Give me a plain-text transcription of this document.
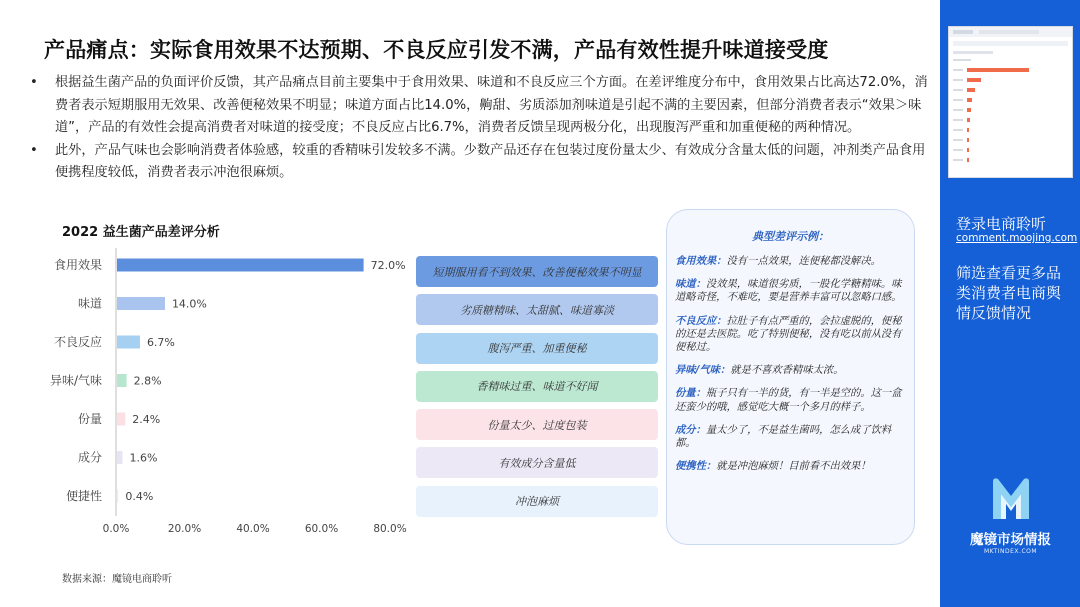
产品痛点：实际食用效果不达预期、不良反应引发不满，产品有效性提升味道接受度
• 根据益生菌产品的负面评价反馈，其产品痛点目前主要集中于食用效果、味道和不良反应三个方面。在差评维度分布中，食用效果占比高达72.0%，消费者表示短期服用无效果、改善便秘效果不明显；味道方面占比14.0%，齁甜、劣质添加剂味道是引起不满的主要因素，但部分消费者表示“效果＞味道”，产品的有效性会提高消费者对味道的接受度；不良反应占比6.7%，消费者反馈呈现两极分化，出现腹泻严重和加重便秘的两种情况。
• 此外，产品气味也会影响消费者体验感，较重的香精味引发较多不满。少数产品还存在包装过度份量太少、有效成分含量太低的问题，冲剂类产品食用便携程度较低，消费者表示冲泡很麻烦。
2022 益生菌产品差评分析
食用效果	72.0%
味道	14.0%
不良反应	6.7%
异味/气味	2.8%
份量	2.4%
成分 1.6%
便捷性 0.4%
0.0%	20.0%	40.0%	60.0%	80.0%
短期服用看不到效果、改善便秘效果不明显
劣质糖精味、太甜腻、味道寡淡
腹泻严重、加重便秘
香精味过重、味道不好闻
份量太少、过度包装
有效成分含量低
冲泡麻烦
典型差评示例：
食用效果：没有一点效果，连便秘都没解决。
味道：没效果，味道很劣质，一股化学糖精味。味道略奇怪，不难吃，要是营养丰富可以忽略口感。
不良反应：拉肚子有点严重的，会拉虚脱的，便秘的还是去医院。吃了特别便秘，没有吃以前从没有便秘过。
异味/气味：就是不喜欢香精味太浓。
份量：瓶子只有一半的货，有一半是空的。这一盒还蛮少的哦，感觉吃大概一个多月的样子。
成分：量太少了，不是益生菌吗，怎么成了饮料都。
便携性：就是冲泡麻烦！目前看不出效果！
数据来源：魔镜电商聆听
登录电商聆听
comment.moojing.com
筛选查看更多品类消费者电商舆情反馈情况
魔镜市场情报
MKTINDEX.COM
